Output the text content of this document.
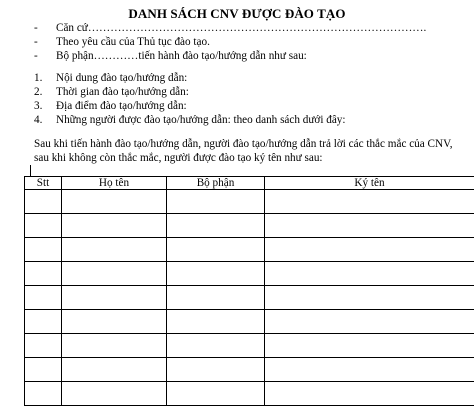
DANH SÁCH CNV ĐƯỢC ĐÀO TẠO
- Căn cứ……………………………………………………………………………….
- Theo yêu cầu của Thủ tục đào tạo.
- Bộ phận…………tiến hành đào tạo/hướng dẫn như sau:
1. Nội dung đào tạo/hướng dẫn:
2. Thời gian đào tạo/hướng dẫn:
3. Địa điểm đào tạo/hướng dẫn:
4. Những người được đào tạo/hướng dẫn: theo danh sách dưới đây:
Sau khi tiến hành đào tạo/hướng dẫn, người đào tạo/hướng dẫn trả lời các thắc mắc của CNV,
sau khi không còn thắc mắc, người được đào tạo ký tên như sau:
Stt	Họ tên	Bộ phận	Ký tên
